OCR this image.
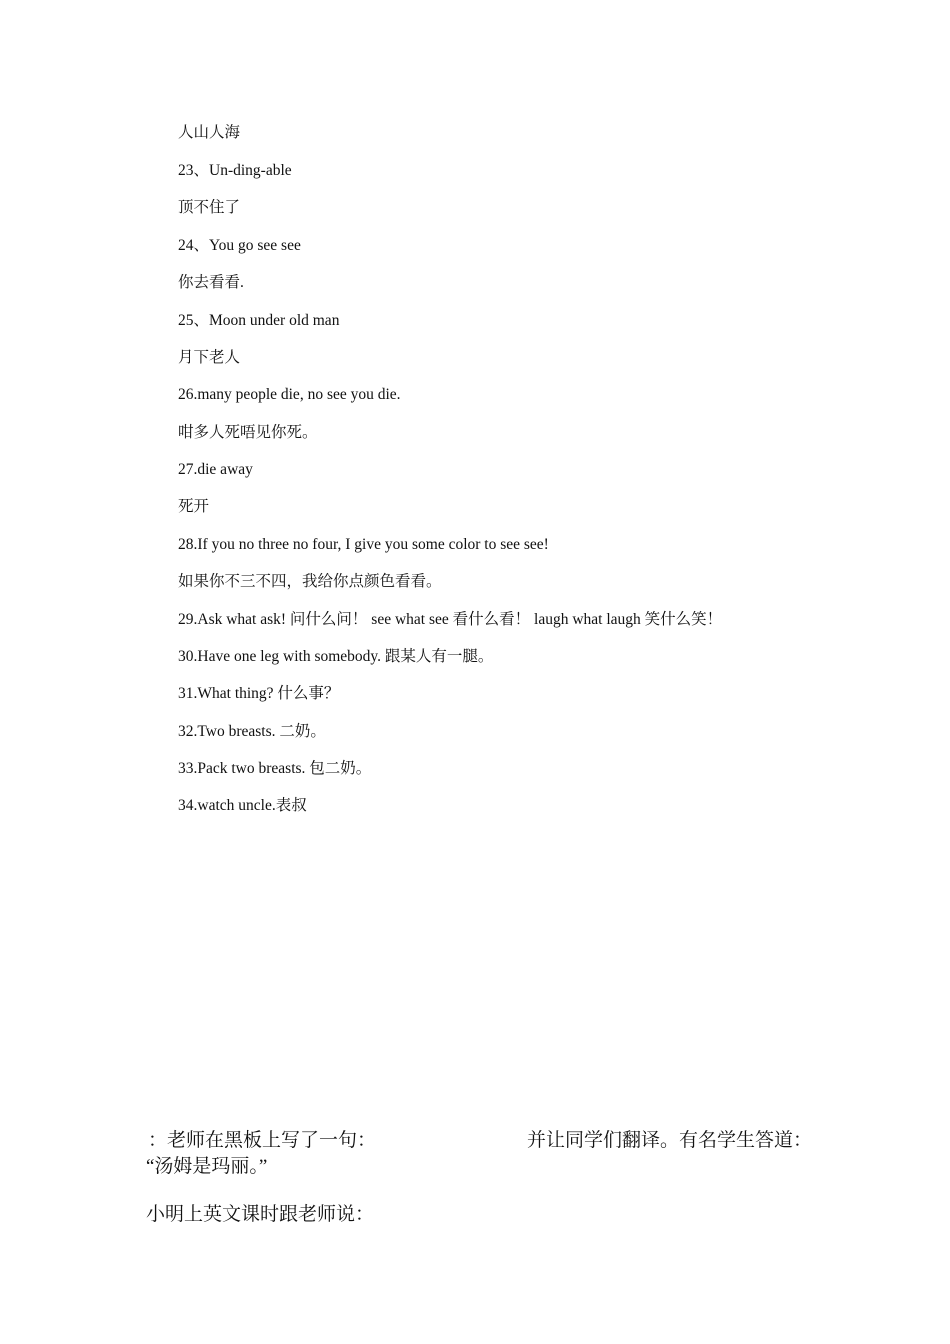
人山人海
23、Un-ding-able
顶不住了
24、You go see see
你去看看.
25、Moon under old man
月下老人
26.many people die, no see you die.
咁多人死唔见你死。
27.die away
死开
28.If you no three no four, I give you some color to see see!
如果你不三不四，我给你点颜色看看。
29.Ask what ask! 问什么问！ see what see 看什么看！ laugh what laugh 笑什么笑！
30.Have one leg with somebody. 跟某人有一腿。
31.What thing? 什么事？
32.Two breasts. 二奶。
33.Pack two breasts. 包二奶。
34.watch uncle.表叔
：老师在黑板上写了一句：	并让同学们翻译。有名学生答道：
“汤姆是玛丽。”
小明上英文课时跟老师说：
